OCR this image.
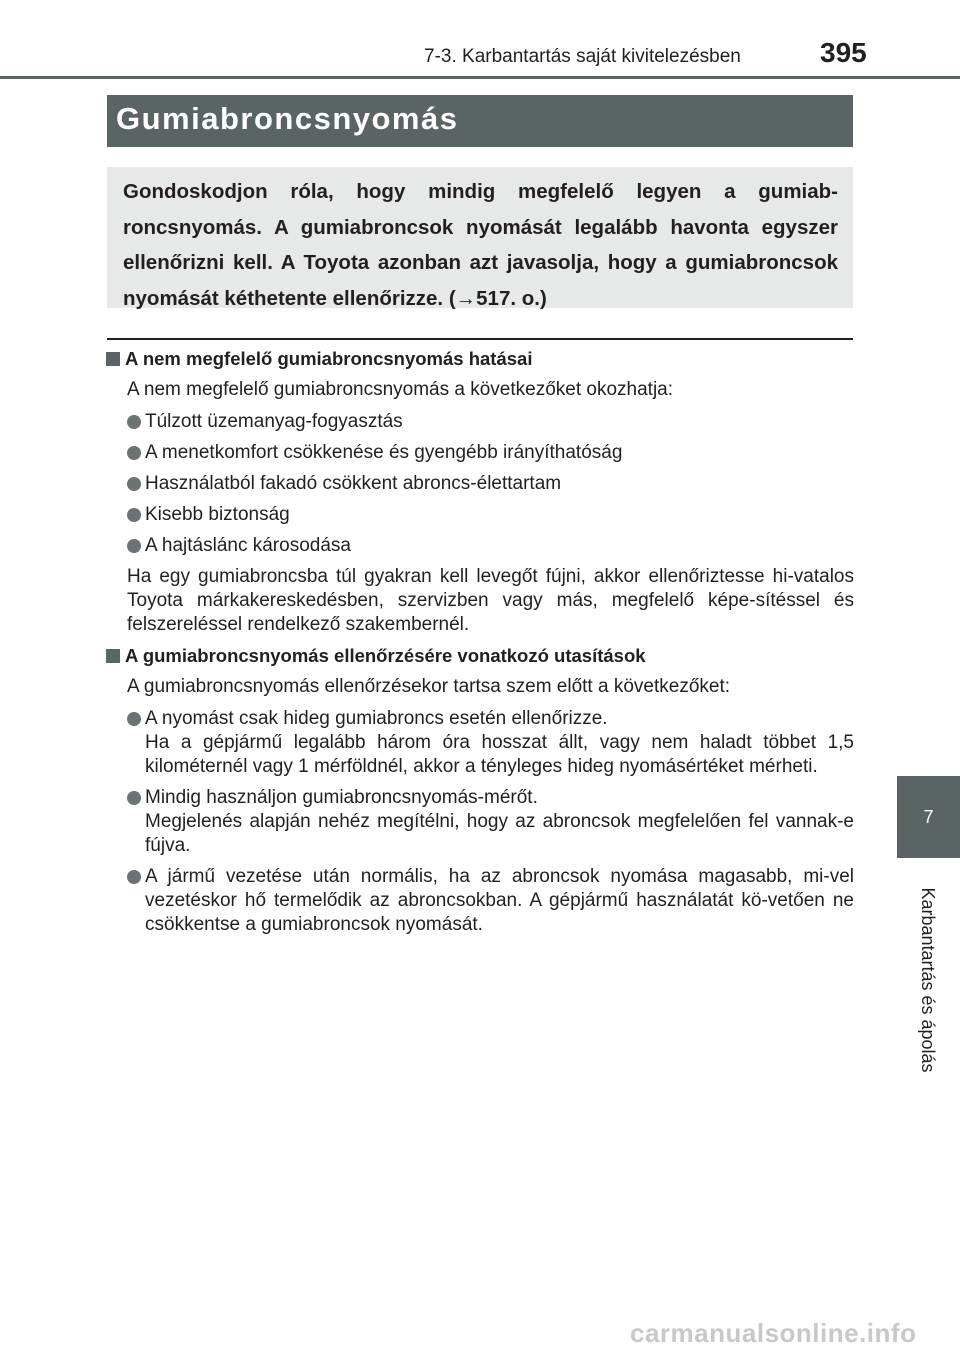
7-3. Karbantartás saját kivitelezésben	395
Gumiabroncsnyomás

Gondoskodjon róla, hogy mindig megfelelő legyen a gumiab-roncsnyomás. A gumiabroncsok nyomását legalább havonta egyszer ellenőrizni kell. A Toyota azonban azt javasolja, hogy a gumiabroncsok nyomását kéthetente ellenőrizze. (→517. o.)

A nem megfelelő gumiabroncsnyomás hatásai
A nem megfelelő gumiabroncsnyomás a következőket okozhatja:
Túlzott üzemanyag-fogyasztás
A menetkomfort csökkenése és gyengébb irányíthatóság
Használatból fakadó csökkent abroncs-élettartam
Kisebb biztonság
A hajtáslánc károsodása
Ha egy gumiabroncsba túl gyakran kell levegőt fújni, akkor ellenőriztesse hi-vatalos Toyota márkakereskedésben, szervizben vagy más, megfelelő képe-sítéssel és felszereléssel rendelkező szakembernél.
A gumiabroncsnyomás ellenőrzésére vonatkozó utasítások
A gumiabroncsnyomás ellenőrzésekor tartsa szem előtt a következőket:
A nyomást csak hideg gumiabroncs esetén ellenőrizze.
Ha a gépjármű legalább három óra hosszat állt, vagy nem haladt többet 1,5 kilométernél vagy 1 mérföldnél, akkor a tényleges hideg nyomásértéket mérheti.
Mindig használjon gumiabroncsnyomás-mérőt.
Megjelenés alapján nehéz megítélni, hogy az abroncsok megfelelően fel vannak-e fújva.
A jármű vezetése után normális, ha az abroncsok nyomása magasabb, mi-vel vezetéskor hő termelődik az abroncsokban. A gépjármű használatát kö-vetően ne csökkentse a gumiabroncsok nyomását.
7
Karbantartás és ápolás
carmanualsonline.info
